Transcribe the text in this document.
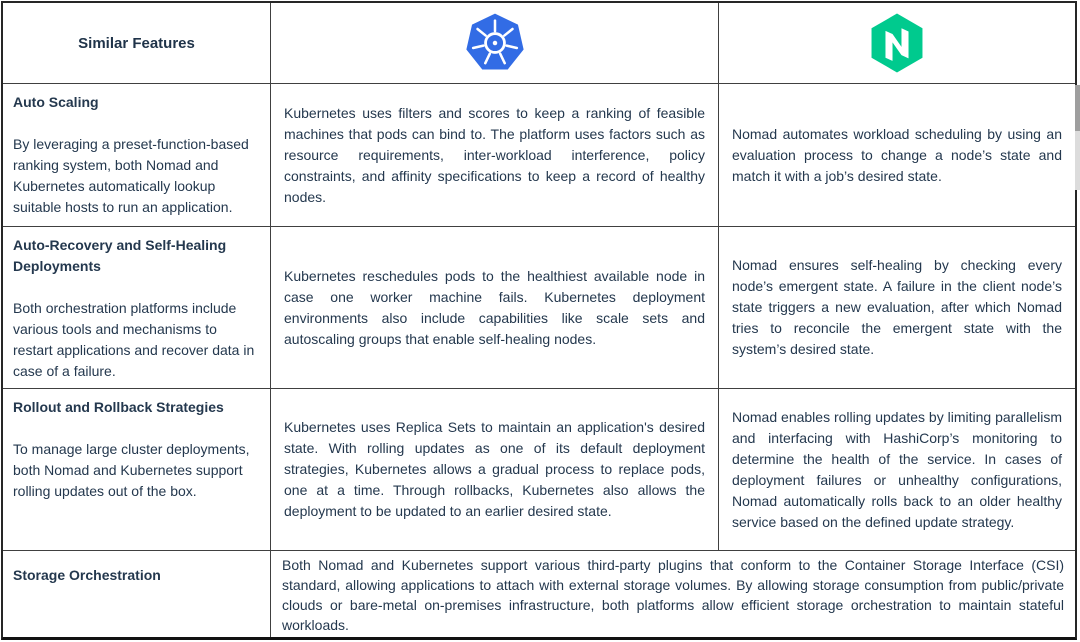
Similar Features

Auto Scaling

By leveraging a preset-function-based ranking system, both Nomad and Kubernetes automatically lookup suitable hosts to run an application.

Kubernetes uses filters and scores to keep a ranking of feasible machines that pods can bind to. The platform uses factors such as resource requirements, inter-workload interference, policy constraints, and affinity specifications to keep a record of healthy nodes.

Nomad automates workload scheduling by using an evaluation process to change a node’s state and match it with a job’s desired state.

Auto-Recovery and Self-Healing Deployments

Both orchestration platforms include various tools and mechanisms to restart applications and recover data in case of a failure.

Kubernetes reschedules pods to the healthiest available node in case one worker machine fails. Kubernetes deployment environments also include capabilities like scale sets and autoscaling groups that enable self-healing nodes.

Nomad ensures self-healing by checking every node’s emergent state. A failure in the client node’s state triggers a new evaluation, after which Nomad tries to reconcile the emergent state with the system’s desired state.

Rollout and Rollback Strategies

To manage large cluster deployments, both Nomad and Kubernetes support rolling updates out of the box.

Kubernetes uses Replica Sets to maintain an application's desired state. With rolling updates as one of its default deployment strategies, Kubernetes allows a gradual process to replace pods, one at a time. Through rollbacks, Kubernetes also allows the deployment to be updated to an earlier desired state.

Nomad enables rolling updates by limiting parallelism and interfacing with HashiCorp’s monitoring to determine the health of the service. In cases of deployment failures or unhealthy configurations, Nomad automatically rolls back to an older healthy service based on the defined update strategy.

Storage Orchestration

Both Nomad and Kubernetes support various third-party plugins that conform to the Container Storage Interface (CSI) standard, allowing applications to attach with external storage volumes. By allowing storage consumption from public/private clouds or bare-metal on-premises infrastructure, both platforms allow efficient storage orchestration to maintain stateful workloads.
